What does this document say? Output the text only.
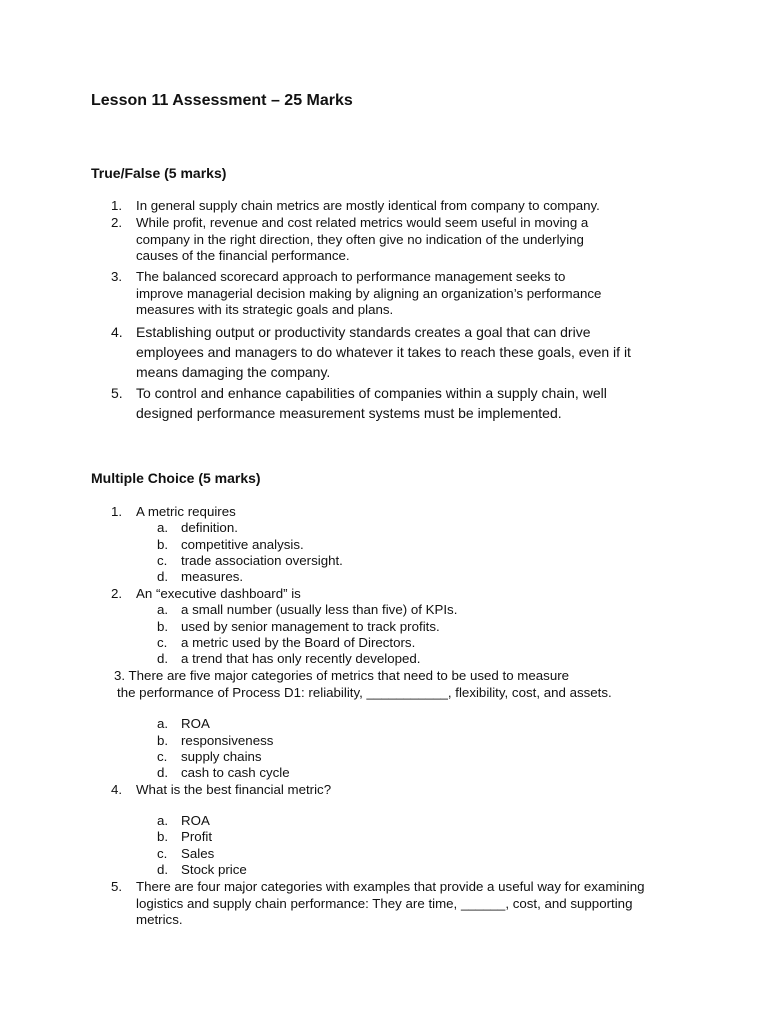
Lesson 11 Assessment – 25 Marks
True/False (5 marks)
1. In general supply chain metrics are mostly identical from company to company.
2. While profit, revenue and cost related metrics would seem useful in moving a
company in the right direction, they often give no indication of the underlying
causes of the financial performance.
3. The balanced scorecard approach to performance management seeks to
improve managerial decision making by aligning an organization’s performance
measures with its strategic goals and plans.
4. Establishing output or productivity standards creates a goal that can drive
employees and managers to do whatever it takes to reach these goals, even if it
means damaging the company.
5. To control and enhance capabilities of companies within a supply chain, well
designed performance measurement systems must be implemented.
Multiple Choice (5 marks)
1. A metric requires
a. definition.
b. competitive analysis.
c. trade association oversight.
d. measures.
2. An “executive dashboard” is
a. a small number (usually less than five) of KPIs.
b. used by senior management to track profits.
c. a metric used by the Board of Directors.
d. a trend that has only recently developed.
3. There are five major categories of metrics that need to be used to measure
the performance of Process D1: reliability, ___________, flexibility, cost, and assets.
a. ROA
b. responsiveness
c. supply chains
d. cash to cash cycle
4. What is the best financial metric?
a. ROA
b. Profit
c. Sales
d. Stock price
5. There are four major categories with examples that provide a useful way for examining
logistics and supply chain performance: They are time, ______, cost, and supporting
metrics.
